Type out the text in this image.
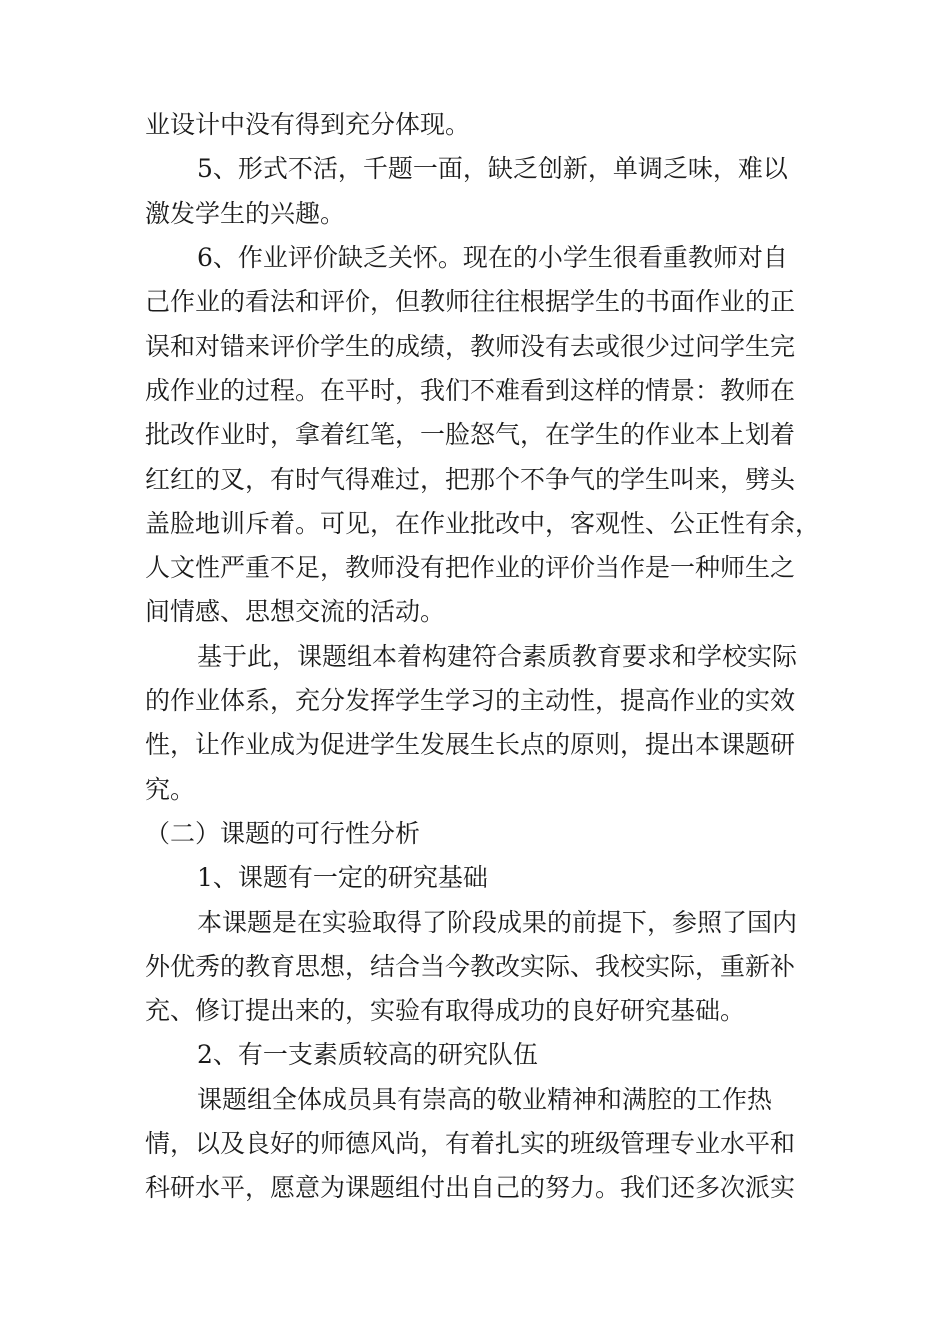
业设计中没有得到充分体现。
5、形式不活，千题一面，缺乏创新，单调乏味，难以
激发学生的兴趣。
6、作业评价缺乏关怀。现在的小学生很看重教师对自
己作业的看法和评价，但教师往往根据学生的书面作业的正
误和对错来评价学生的成绩，教师没有去或很少过问学生完
成作业的过程。在平时，我们不难看到这样的情景：教师在
批改作业时，拿着红笔，一脸怒气，在学生的作业本上划着
红红的叉，有时气得难过，把那个不争气的学生叫来，劈头
盖脸地训斥着。可见，在作业批改中，客观性、公正性有余，
人文性严重不足，教师没有把作业的评价当作是一种师生之
间情感、思想交流的活动。
基于此，课题组本着构建符合素质教育要求和学校实际
的作业体系，充分发挥学生学习的主动性，提高作业的实效
性，让作业成为促进学生发展生长点的原则，提出本课题研
究。
（二）课题的可行性分析
1、课题有一定的研究基础
本课题是在实验取得了阶段成果的前提下，参照了国内
外优秀的教育思想，结合当今教改实际、我校实际，重新补
充、修订提出来的，实验有取得成功的良好研究基础。
2、有一支素质较高的研究队伍
课题组全体成员具有崇高的敬业精神和满腔的工作热
情，以及良好的师德风尚，有着扎实的班级管理专业水平和
科研水平，愿意为课题组付出自己的努力。我们还多次派实
